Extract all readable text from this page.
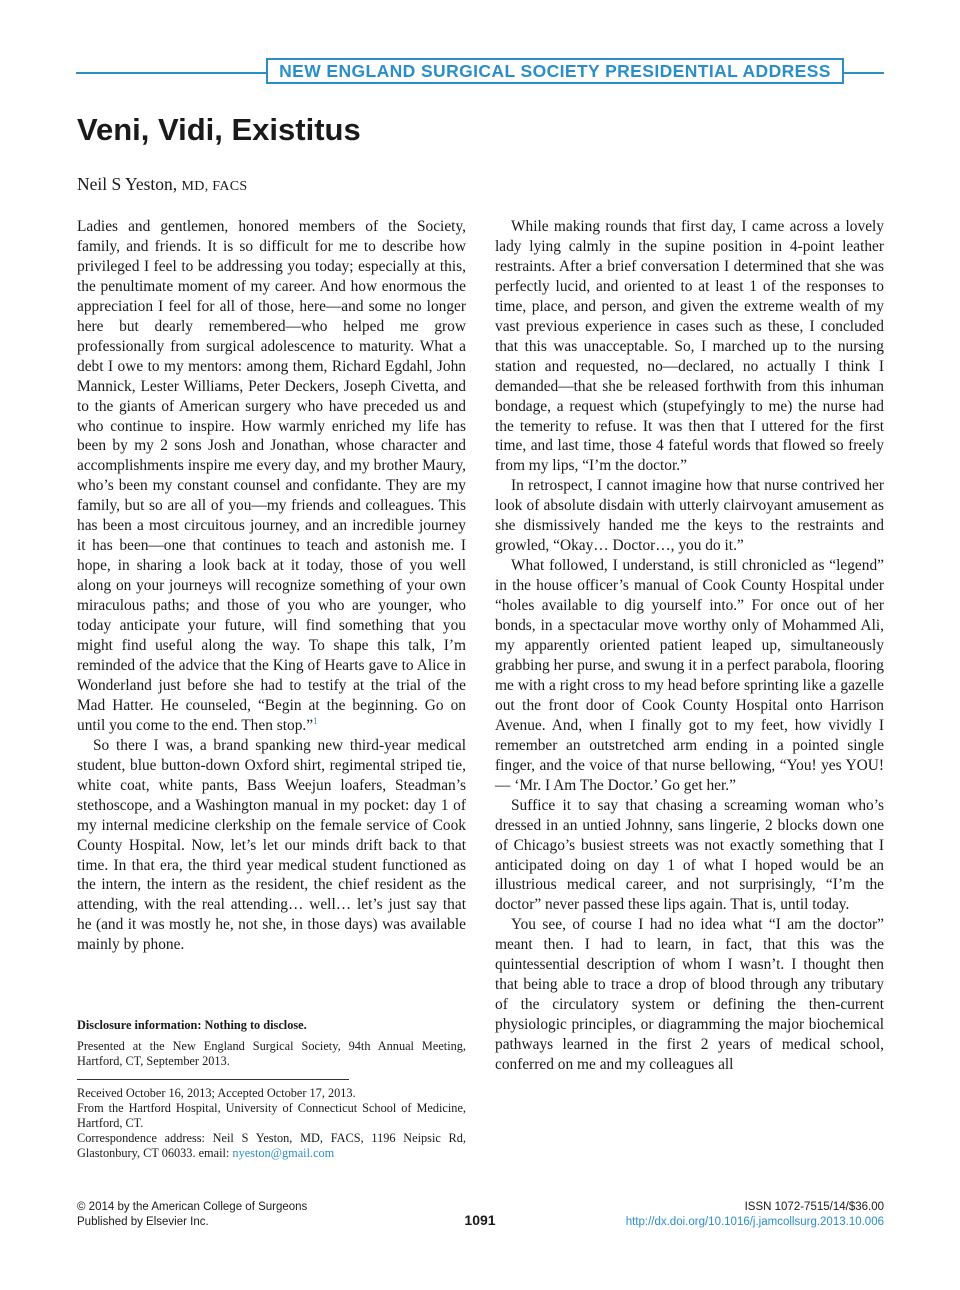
NEW ENGLAND SURGICAL SOCIETY PRESIDENTIAL ADDRESS
Veni, Vidi, Existitus
Neil S Yeston, MD, FACS

Ladies and gentlemen, honored members of the Society, family, and friends. It is so difficult for me to describe how privileged I feel to be addressing you today; especially at this, the penultimate moment of my career. And how enormous the appreciation I feel for all of those, here—and some no longer here but dearly remembered—who helped me grow professionally from surgical adolescence to maturity. What a debt I owe to my mentors: among them, Richard Egdahl, John Mannick, Lester Williams, Peter Deckers, Joseph Civetta, and to the giants of American surgery who have preceded us and who continue to inspire. How warmly enriched my life has been by my 2 sons Josh and Jonathan, whose character and accomplishments inspire me every day, and my brother Maury, who’s been my constant counsel and confidante. They are my family, but so are all of you—my friends and colleagues. This has been a most circuitous journey, and an incredible journey it has been—one that continues to teach and astonish me. I hope, in sharing a look back at it today, those of you well along on your journeys will recognize something of your own miraculous paths; and those of you who are younger, who today anticipate your future, will find something that you might find useful along the way. To shape this talk, I’m reminded of the advice that the King of Hearts gave to Alice in Wonderland just before she had to testify at the trial of the Mad Hatter. He counseled, “Begin at the beginning. Go on until you come to the end. Then stop.”$^1$

So there I was, a brand spanking new third-year medical student, blue button-down Oxford shirt, regimental striped tie, white coat, white pants, Bass Weejun loafers, Steadman’s stethoscope, and a Washington manual in my pocket: day 1 of my internal medicine clerkship on the female service of Cook County Hospital. Now, let’s let our minds drift back to that time. In that era, the third year medical student functioned as the intern, the intern as the resident, the chief resident as the attending, with the real attending… well… let’s just say that he (and it was mostly he, not she, in those days) was available mainly by phone.

While making rounds that first day, I came across a lovely lady lying calmly in the supine position in 4-point leather restraints. After a brief conversation I determined that she was perfectly lucid, and oriented to at least 1 of the responses to time, place, and person, and given the extreme wealth of my vast previous experience in cases such as these, I concluded that this was unacceptable. So, I marched up to the nursing station and requested, no—declared, no actually I think I demanded—that she be released forthwith from this inhuman bondage, a request which (stupefyingly to me) the nurse had the temerity to refuse. It was then that I uttered for the first time, and last time, those 4 fateful words that flowed so freely from my lips, “I’m the doctor.”

In retrospect, I cannot imagine how that nurse contrived her look of absolute disdain with utterly clairvoyant amusement as she dismissively handed me the keys to the restraints and growled, “Okay… Doctor…, you do it.”

What followed, I understand, is still chronicled as “legend” in the house officer’s manual of Cook County Hospital under “holes available to dig yourself into.” For once out of her bonds, in a spectacular move worthy only of Mohammed Ali, my apparently oriented patient leaped up, simultaneously grabbing her purse, and swung it in a perfect parabola, flooring me with a right cross to my head before sprinting like a gazelle out the front door of Cook County Hospital onto Harrison Avenue. And, when I finally got to my feet, how vividly I remember an outstretched arm ending in a pointed single finger, and the voice of that nurse bellowing, “You! yes YOU! — ‘Mr. I Am The Doctor.’ Go get her.”

Suffice it to say that chasing a screaming woman who’s dressed in an untied Johnny, sans lingerie, 2 blocks down one of Chicago’s busiest streets was not exactly something that I anticipated doing on day 1 of what I hoped would be an illustrious medical career, and not surprisingly, “I’m the doctor” never passed these lips again. That is, until today.

You see, of course I had no idea what “I am the doctor” meant then. I had to learn, in fact, that this was the quintessential description of whom I wasn’t. I thought then that being able to trace a drop of blood through any tributary of the circulatory system or defining the then-current physiologic principles, or diagramming the major biochemical pathways learned in the first 2 years of medical school, conferred on me and my colleagues all

Disclosure information: Nothing to disclose.

Presented at the New England Surgical Society, 94th Annual Meeting, Hartford, CT, September 2013.

Received October 16, 2013; Accepted October 17, 2013.

From the Hartford Hospital, University of Connecticut School of Medicine, Hartford, CT.

Correspondence address: Neil S Yeston, MD, FACS, 1196 Neipsic Rd, Glastonbury, CT 06033. email: nyeston@gmail.com

© 2014 by the American College of Surgeons
Published by Elsevier Inc.	1091
ISSN 1072-7515/14/$36.00
http://dx.doi.org/10.1016/j.jamcollsurg.2013.10.006
